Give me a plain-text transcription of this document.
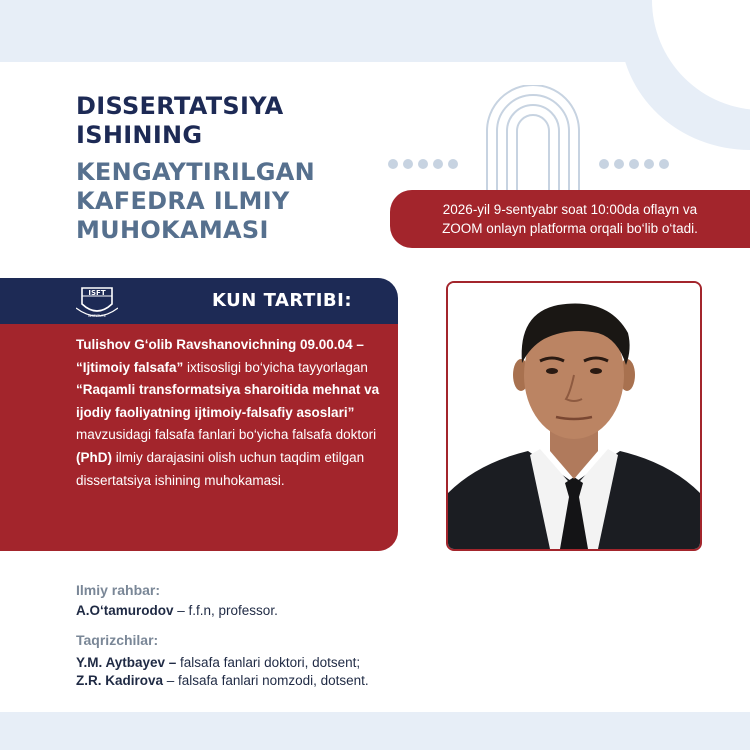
DISSERTATSIYA
ISHINING
KENGAYTIRILGAN
KAFEDRA ILMIY
MUHOKAMASI
2026-yil 9-sentyabr soat 10:00da oflayn va
ZOOM onlayn platforma orqali bo‘lib o‘tadi.
ISFT
INSTITUTE
KUN TARTIBI:
Tulishov G‘olib Ravshanovichning 09.00.04 – “Ijtimoiy falsafa” ixtisosligi bo‘yicha tayyorlagan “Raqamli transformatsiya sharoitida mehnat va ijodiy faoliyatning ijtimoiy-falsafiy asoslari” mavzusidagi falsafa fanlari bo‘yicha falsafa doktori (PhD) ilmiy darajasini olish uchun taqdim etilgan dissertatsiya ishining muhokamasi.
Ilmiy rahbar:
A.O‘tamurodov – f.f.n, professor.
Taqrizchilar:
Y.M. Aytbayev – falsafa fanlari doktori, dotsent;
Z.R. Kadirova – falsafa fanlari nomzodi, dotsent.
